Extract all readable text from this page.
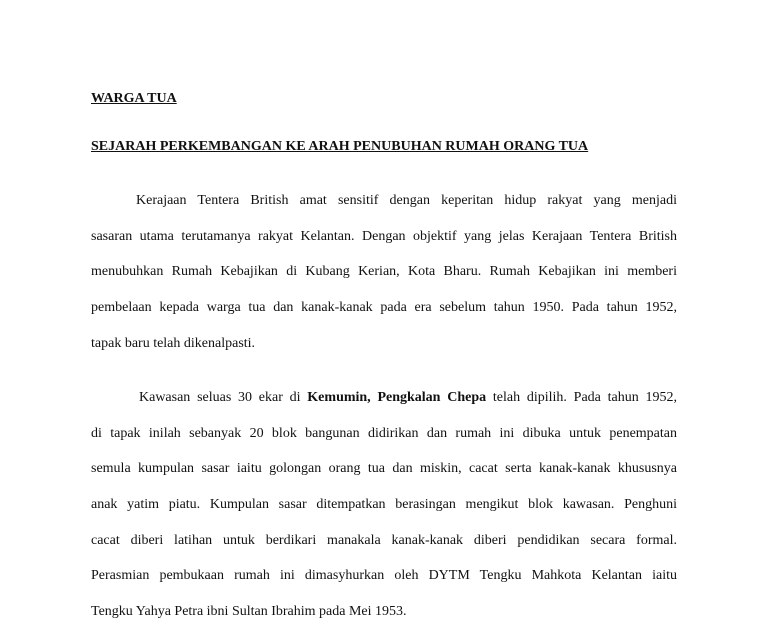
WARGA TUA
SEJARAH PERKEMBANGAN KE ARAH PENUBUHAN RUMAH ORANG TUA
Kerajaan Tentera British amat sensitif dengan keperitan hidup rakyat yang menjadi
sasaran utama terutamanya rakyat Kelantan. Dengan objektif yang jelas Kerajaan Tentera British
menubuhkan Rumah Kebajikan di Kubang Kerian, Kota Bharu. Rumah Kebajikan ini memberi
pembelaan kepada warga tua dan kanak-kanak pada era sebelum tahun 1950. Pada tahun 1952,
tapak baru telah dikenalpasti.
Kawasan seluas 30 ekar di Kemumin, Pengkalan Chepa telah dipilih. Pada tahun 1952,
di tapak inilah sebanyak 20 blok bangunan didirikan dan rumah ini dibuka untuk penempatan
semula kumpulan sasar iaitu golongan orang tua dan miskin, cacat serta kanak-kanak khususnya
anak yatim piatu. Kumpulan sasar ditempatkan berasingan mengikut blok kawasan. Penghuni
cacat diberi latihan untuk berdikari manakala kanak-kanak diberi pendidikan secara formal.
Perasmian pembukaan rumah ini dimasyhurkan oleh DYTM Tengku Mahkota Kelantan iaitu
Tengku Yahya Petra ibni Sultan Ibrahim pada Mei 1953.
